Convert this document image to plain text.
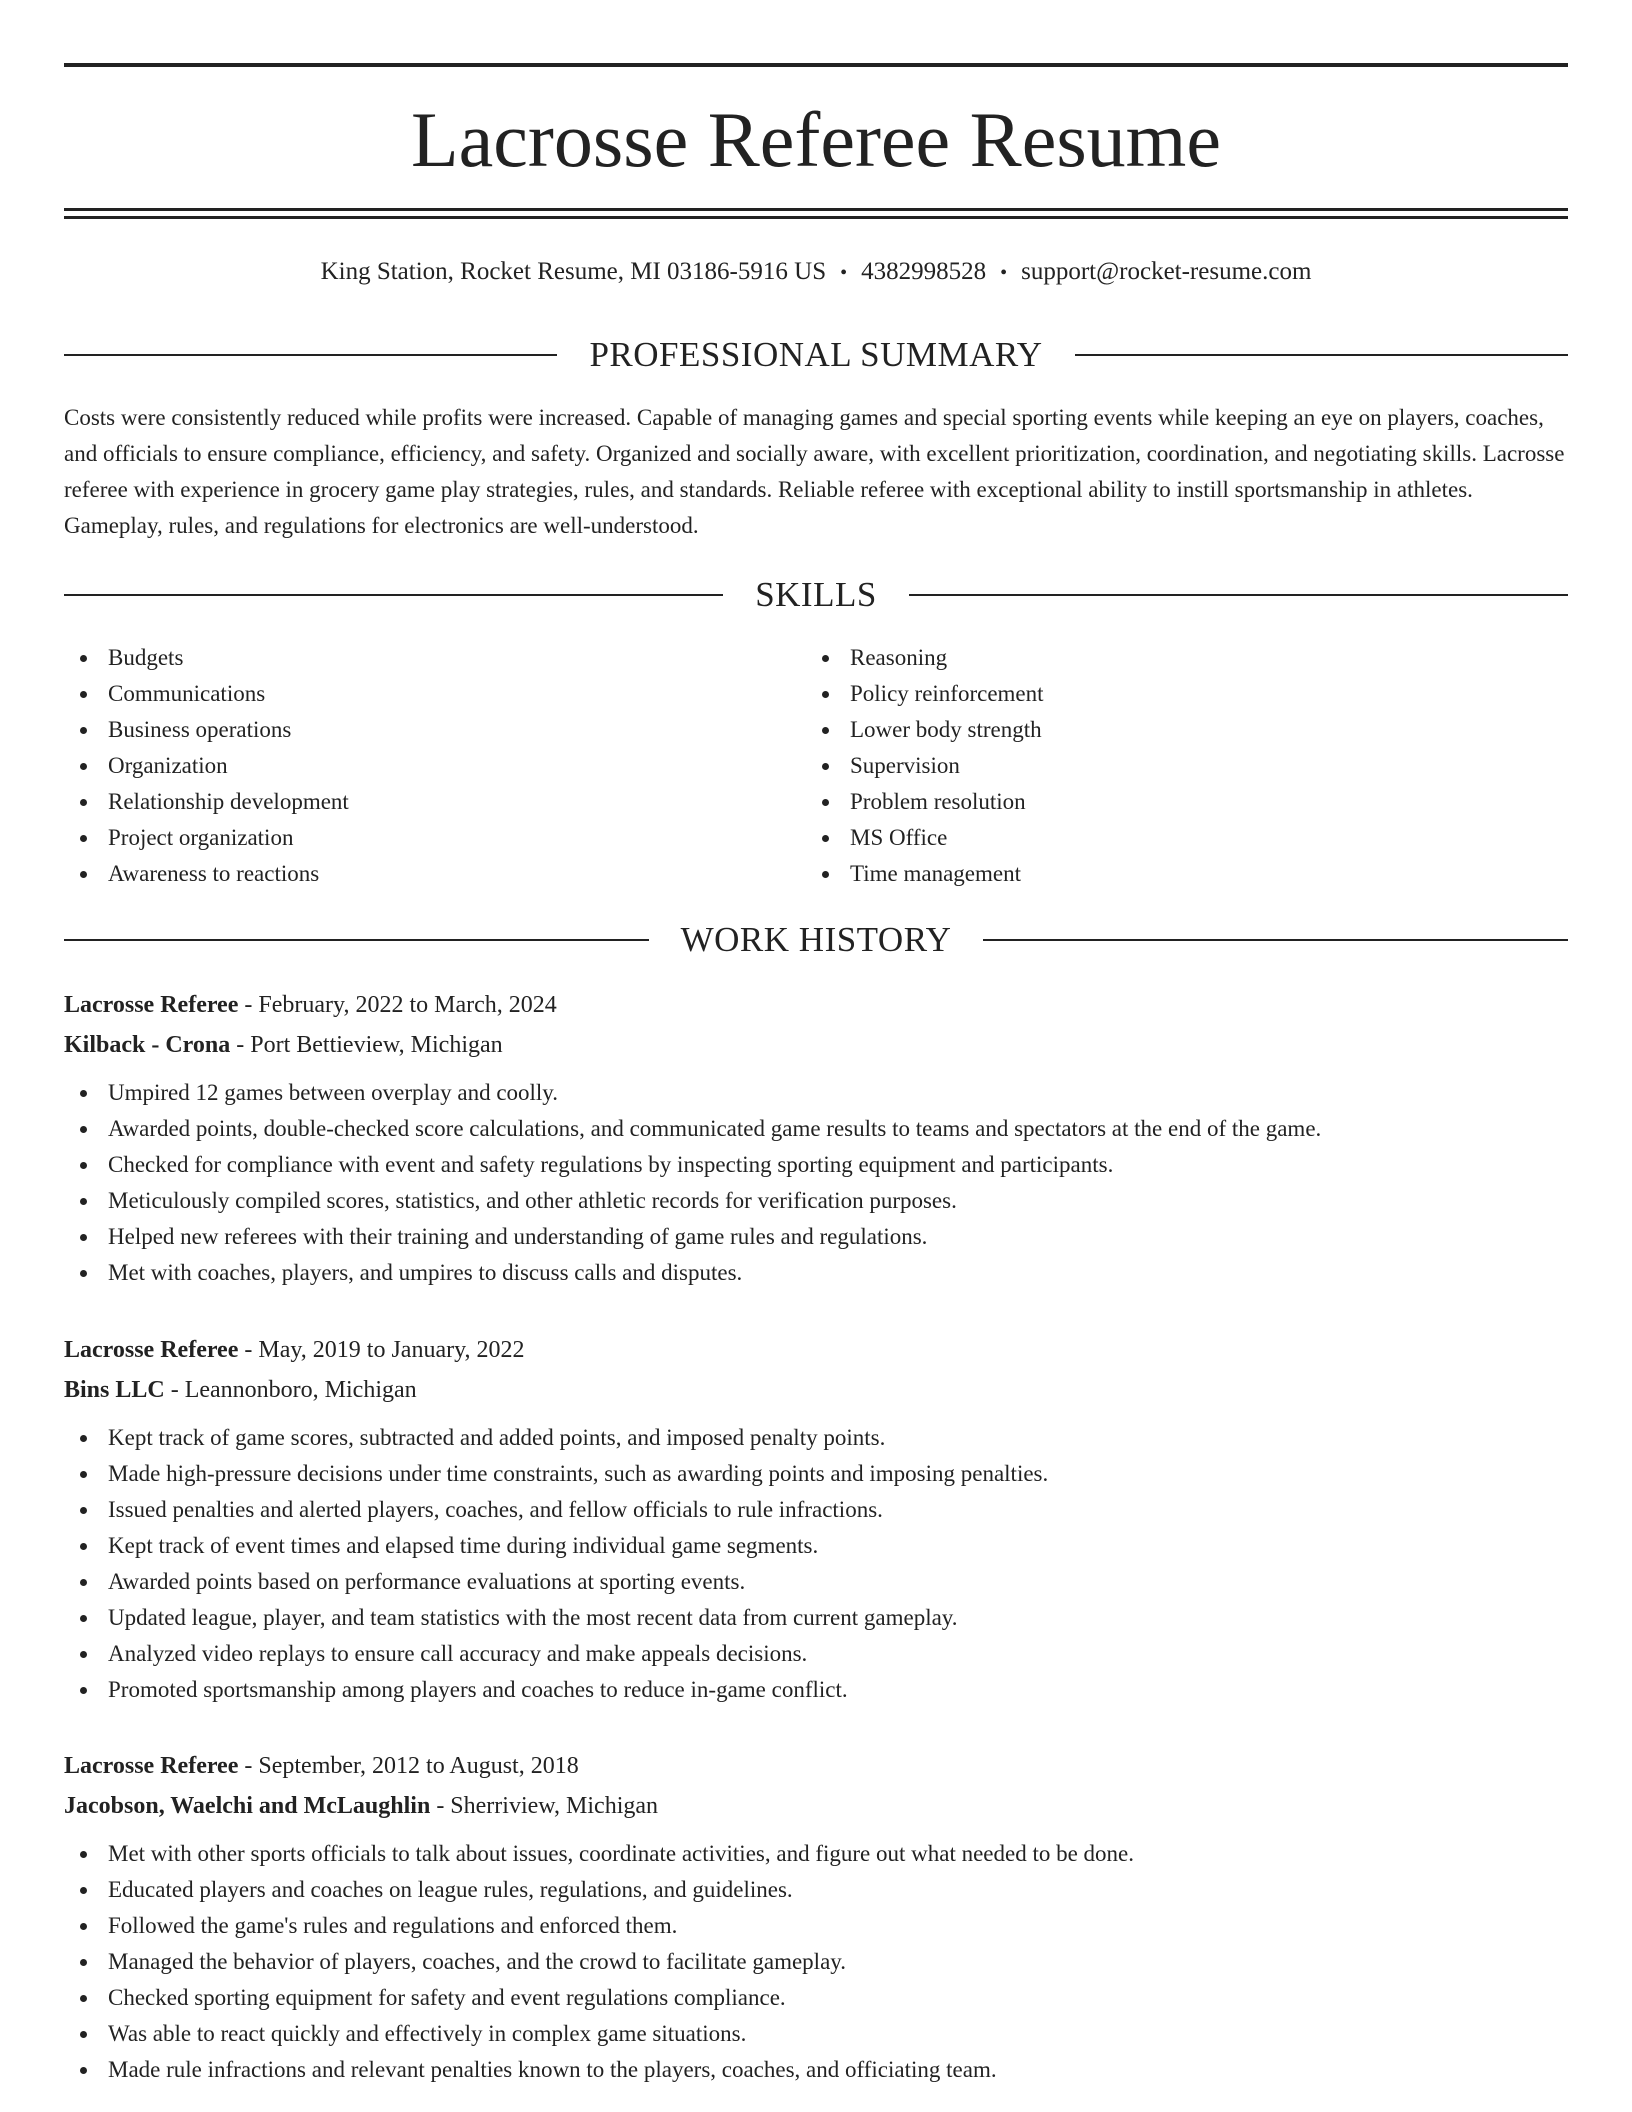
Lacrosse Referee Resume
King Station, Rocket Resume, MI 03186-5916 US • 4382998528 • support@rocket-resume.com
PROFESSIONAL SUMMARY

Costs were consistently reduced while profits were increased. Capable of managing games and special sporting events while keeping an eye on players, coaches, and officials to ensure compliance, efficiency, and safety. Organized and socially aware, with excellent prioritization, coordination, and negotiating skills. Lacrosse referee with experience in grocery game play strategies, rules, and standards. Reliable referee with exceptional ability to instill sportsmanship in athletes. Gameplay, rules, and regulations for electronics are well-understood.

SKILLS
Budgets
Communications
Business operations
Organization
Relationship development
Project organization
Awareness to reactions
Reasoning
Policy reinforcement
Lower body strength
Supervision
Problem resolution
MS Office
Time management
WORK HISTORY
Lacrosse Referee - February, 2022 to March, 2024
Kilback - Crona - Port Bettieview, Michigan
Umpired 12 games between overplay and coolly.
Awarded points, double-checked score calculations, and communicated game results to teams and spectators at the end of the game.
Checked for compliance with event and safety regulations by inspecting sporting equipment and participants.
Meticulously compiled scores, statistics, and other athletic records for verification purposes.
Helped new referees with their training and understanding of game rules and regulations.
Met with coaches, players, and umpires to discuss calls and disputes.
Lacrosse Referee - May, 2019 to January, 2022
Bins LLC - Leannonboro, Michigan
Kept track of game scores, subtracted and added points, and imposed penalty points.
Made high-pressure decisions under time constraints, such as awarding points and imposing penalties.
Issued penalties and alerted players, coaches, and fellow officials to rule infractions.
Kept track of event times and elapsed time during individual game segments.
Awarded points based on performance evaluations at sporting events.
Updated league, player, and team statistics with the most recent data from current gameplay.
Analyzed video replays to ensure call accuracy and make appeals decisions.
Promoted sportsmanship among players and coaches to reduce in-game conflict.
Lacrosse Referee - September, 2012 to August, 2018
Jacobson, Waelchi and McLaughlin - Sherriview, Michigan
Met with other sports officials to talk about issues, coordinate activities, and figure out what needed to be done.
Educated players and coaches on league rules, regulations, and guidelines.
Followed the game's rules and regulations and enforced them.
Managed the behavior of players, coaches, and the crowd to facilitate gameplay.
Checked sporting equipment for safety and event regulations compliance.
Was able to react quickly and effectively in complex game situations.
Made rule infractions and relevant penalties known to the players, coaches, and officiating team.
